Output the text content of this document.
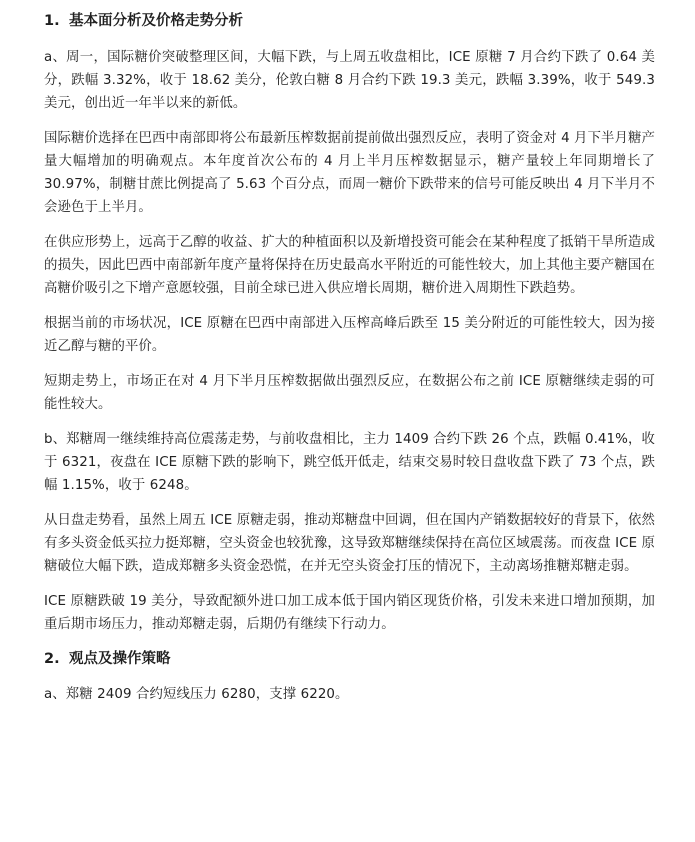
1. 基本面分析及价格走势分析

a、周一，国际糖价突破整理区间，大幅下跌，与上周五收盘相比，ICE 原糖 7 月合约下跌了 0.64 美分，跌幅 3.32%，收于 18.62 美分，伦敦白糖 8 月合约下跌 19.3 美元，跌幅 3.39%，收于 549.3 美元，创出近一年半以来的新低。

国际糖价选择在巴西中南部即将公布最新压榨数据前提前做出强烈反应，表明了资金对 4 月下半月糖产量大幅增加的明确观点。本年度首次公布的 4 月上半月压榨数据显示，糖产量较上年同期增长了 30.97%，制糖甘蔗比例提高了 5.63 个百分点，而周一糖价下跌带来的信号可能反映出 4 月下半月不会逊色于上半月。

在供应形势上，远高于乙醇的收益、扩大的种植面积以及新增投资可能会在某种程度了抵销干旱所造成的损失，因此巴西中南部新年度产量将保持在历史最高水平附近的可能性较大，加上其他主要产糖国在高糖价吸引之下增产意愿较强，目前全球已进入供应增长周期，糖价进入周期性下跌趋势。

根据当前的市场状况，ICE 原糖在巴西中南部进入压榨高峰后跌至 15 美分附近的可能性较大，因为接近乙醇与糖的平价。

短期走势上，市场正在对 4 月下半月压榨数据做出强烈反应，在数据公布之前 ICE 原糖继续走弱的可能性较大。

b、郑糖周一继续维持高位震荡走势，与前收盘相比，主力 1409 合约下跌 26 个点，跌幅 0.41%，收于 6321，夜盘在 ICE 原糖下跌的影响下，跳空低开低走，结束交易时较日盘收盘下跌了 73 个点，跌幅 1.15%，收于 6248。

从日盘走势看，虽然上周五 ICE 原糖走弱，推动郑糖盘中回调，但在国内产销数据较好的背景下，依然有多头资金低买拉力挺郑糖，空头资金也较犹豫，这导致郑糖继续保持在高位区域震荡。而夜盘 ICE 原糖破位大幅下跌，造成郑糖多头资金恐慌，在并无空头资金打压的情况下，主动离场推糖郑糖走弱。

ICE 原糖跌破 19 美分，导致配额外进口加工成本低于国内销区现货价格，引发未来进口增加预期，加重后期市场压力，推动郑糖走弱，后期仍有继续下行动力。

2. 观点及操作策略

a、郑糖 2409 合约短线压力 6280，支撑 6220。
